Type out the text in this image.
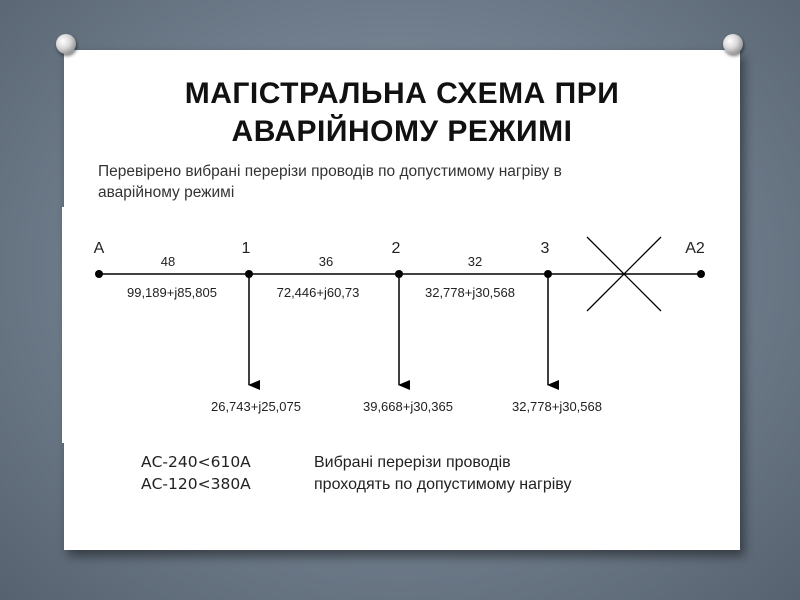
МАГІСТРАЛЬНА СХЕМА ПРИ
АВАРІЙНОМУ РЕЖИМІ
Перевірено вибрані перерізи проводів по допустимому нагріву в
аварійному режимі
A	1	2	3	A2
48	36	32
99,189+j85,805	72,446+j60,73	32,778+j30,568
26,743+j25,075	39,668+j30,365	32,778+j30,568
АС-240<610А
АС-120<380А
Вибрані перерізи проводів
проходять по допустимому нагріву
